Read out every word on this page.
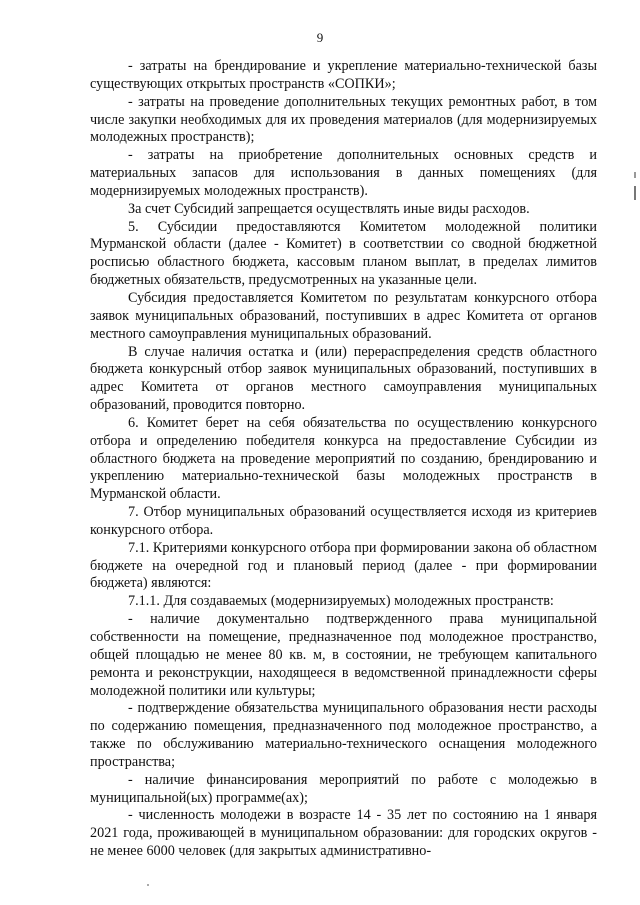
9

- затраты на брендирование и укрепление материально-технической базы существующих открытых пространств «СОПКИ»;

- затраты на проведение дополнительных текущих ремонтных работ, в том числе закупки необходимых для их проведения материалов (для модернизируемых молодежных пространств);

- затраты на приобретение дополнительных основных средств и материальных запасов для использования в данных помещениях (для модернизируемых молодежных пространств).

За счет Субсидий запрещается осуществлять иные виды расходов.

5. Субсидии предоставляются Комитетом молодежной политики Мурманской области (далее - Комитет) в соответствии со сводной бюджетной росписью областного бюджета, кассовым планом выплат, в пределах лимитов бюджетных обязательств, предусмотренных на указанные цели.

Субсидия предоставляется Комитетом по результатам конкурсного отбора заявок муниципальных образований, поступивших в адрес Комитета от органов местного самоуправления муниципальных образований.

В случае наличия остатка и (или) перераспределения средств областного бюджета конкурсный отбор заявок муниципальных образований, поступивших в адрес Комитета от органов местного самоуправления муниципальных образований, проводится повторно.

6. Комитет берет на себя обязательства по осуществлению конкурсного отбора и определению победителя конкурса на предоставление Субсидии из областного бюджета на проведение мероприятий по созданию, брендированию и укреплению материально-технической базы молодежных пространств в Мурманской области.

7. Отбор муниципальных образований осуществляется исходя из критериев конкурсного отбора.

7.1. Критериями конкурсного отбора при формировании закона об областном бюджете на очередной год и плановый период (далее - при формировании бюджета) являются:

7.1.1. Для создаваемых (модернизируемых) молодежных пространств:

- наличие документально подтвержденного права муниципальной собственности на помещение, предназначенное под молодежное пространство, общей площадью не менее 80 кв. м, в состоянии, не требующем капитального ремонта и реконструкции, находящееся в ведомственной принадлежности сферы молодежной политики или культуры;

- подтверждение обязательства муниципального образования нести расходы по содержанию помещения, предназначенного под молодежное пространство, а также по обслуживанию материально-технического оснащения молодежного пространства;

- наличие финансирования мероприятий по работе с молодежью в муниципальной(ых) программе(ах);

- численность молодежи в возрасте 14 - 35 лет по состоянию на 1 января 2021 года, проживающей в муниципальном образовании: для городских округов - не менее 6000 человек (для закрытых административно-
